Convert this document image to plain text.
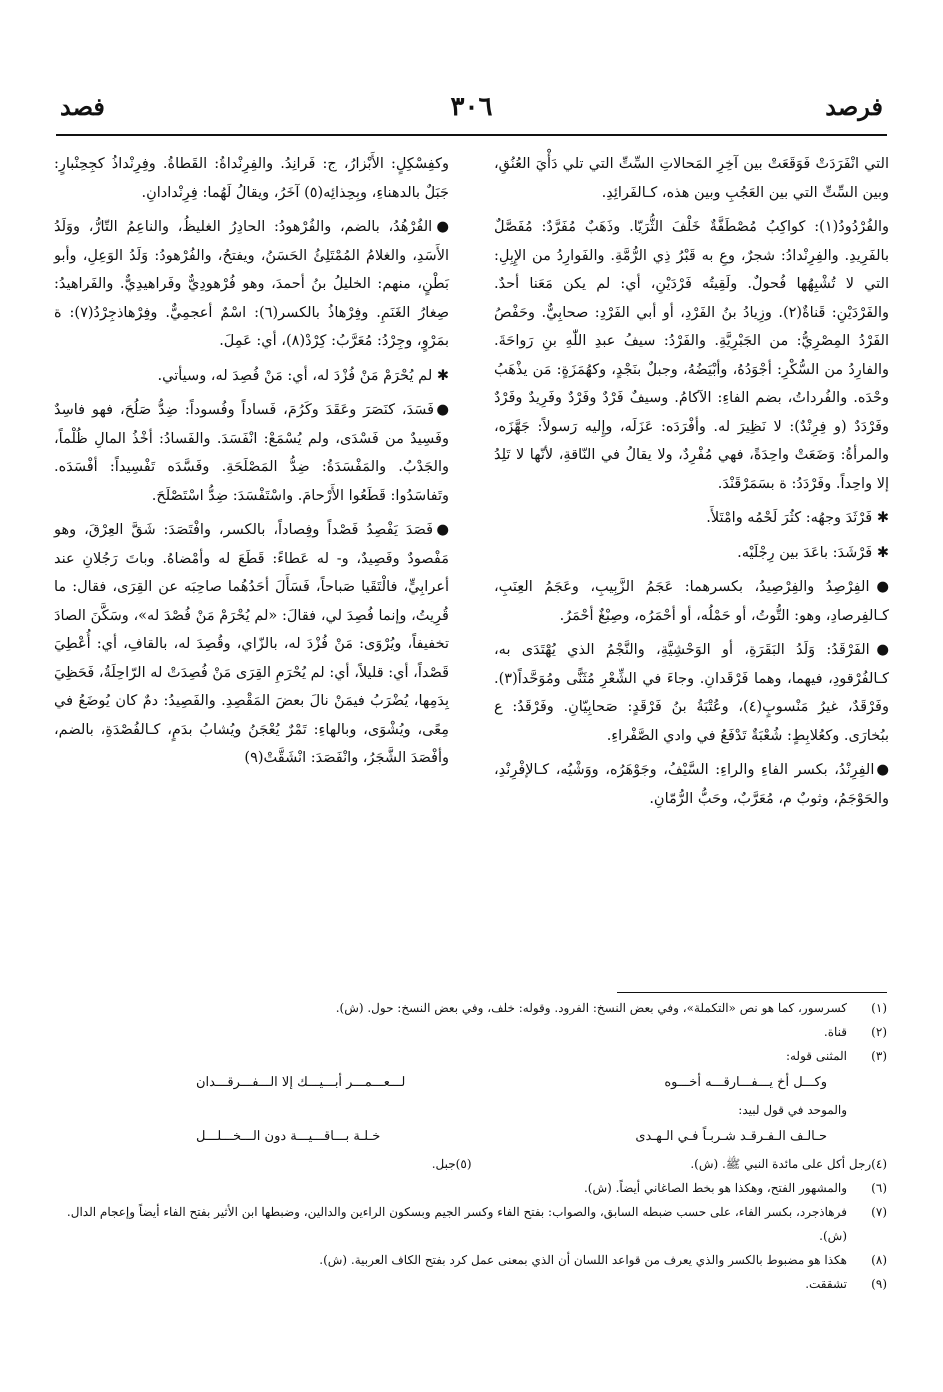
فرصد
٣٠٦
فصد

التي انْفَرَدَتْ فَوَقَعَتْ بين آخِرِ المَحالاتِ السِّتِّ التي تلي دَأْيَ العُنُقِ، وبين السِّتِّ التي بين العَجُبِ وبين هذه، كـالفَرائِدِ.

والفُرْدُودُ(١): كواكِبُ مُصْطَفَّةٌ خَلْفَ الثُّرَيّا. وذَهَبٌ مُفَرَّدٌ: مُفَصَّلٌ بالفَرِيدِ. والفِرِنْدادُ: شجرٌ، وعِ به قَبْرُ ذِي الرُّمَّةِ. والفَوارِدُ من الإِبِلِ: التي لا تُشْبِهُها فُحولٌ. ولَقِيتُه فَرْدَيْنِ، أي: لم يكن مَعَنا أحدٌ. والفَرْدَيْنِ: قَناةٌ(٢). وزِيادُ بنُ الفَرْدِ، أو أبي الفَرْدِ: صحابِيٌّ. وحَفْصُ الفَرْدُ المِصْرِيُّ: من الجَبْرِيَّةِ. والفَرْدُ: سيفُ عبدِ اللّٰهِ بنِ رَواحَةَ. والفارِدُ من السُّكْرِ: أجْوَدُهُ، وأبْيَضُهُ، وجبلٌ بنَجْدٍ، وكهُمَزَةٍ: مَن يذْهَبُ وحْدَه. والفُرداتُ، بضم الفاءِ: الآكامُ. وسيفٌ فَرْدٌ وفَرْدٌ وفَرِيدٌ وفَرْدٌ وفَرْدَدٌ (و فِرِنْدٌ): لا نَظِيرَ له. وأفْرَدَه: عَزَلَه، وإِليه رَسولاً: جَهَّزَه، والمرأةُ: وَضَعَتْ واحِدَةً، فهي مُفْرِدٌ، ولا يقالُ في النّاقةِ، لأنّها لا تَلِدُ إلا واحِداً. وفَرْدَدُ: ة بسَمَرْقَنْدَ.

✱ فَرْثَدَ وجهُه: كثُرَ لَحْمُه وامْتَلأَ.

✱ فَرْشَدَ: باعَدَ بين رِجْلَيْه.

●الفِرْصِدُ والفِرْصِيدُ، بكسرهما: عَجَمُ الزَّبِيبِ، وعَجَمُ العِنَبِ، كـالفِرصادِ، وهو: التُّوتُ، أو حَمْلُه، أو أحْمَرُه، وصِبْغٌ أحْمَرُ.

●الفَرْقَدُ: وَلَدُ البَقَرَةِ، أو الوَحْشِيَّةِ، والنَّجْمُ الذي يُهْتَدَى به، كـالفُرْقودِ، فيهما، وهما فَرْقَدانِ. وجاءَ في الشِّعْرِ مُثَنًّى ومُوَحَّداً(٣). وفَرْقَدٌ، غيرُ مَنْسوبٍ(٤)، وعُتْبَةُ بنُ فَرْقَدٍ: صَحابِيّانِ. وفَرْقَدُ: ع ببُخارَى. وكعُلابِطٍ: شُعْبَةٌ تَدْفَعُ في وادي الصَّفْراءِ.

●الفِرِنْدُ، بكسر الفاءِ والراءِ: السَّيْفُ، وجَوْهَرُه، ووَشْيُه، كـالإفْرِنْدِ، والحَوْجَمُ، وثوبٌ م، مُعَرَّبٌ، وحَبُّ الرُّمّانِ.

وكفِسْكِلٍ: الأَبْزارُ، ج: فَرانِدُ. والفِرِنْداةُ: القَطاةُ. وفِرِنْداذُ كجِحِنْبارٍ: جَبَلٌ بالدهناءِ، وبِحِذائِه(٥) آخَرُ، ويقالُ لَهُما: فِرِنْدادانِ.

●الفُرْهُدُ، بالضم، والفُرْهودُ: الحادِرُ الغليظُ، والناعِمُ التّارُّ، ووَلَدُ الأَسَدِ، والغلامُ المُمْتَلِئُ الحَسَنُ، ويفتحُ، والفُرْهودُ: وَلَدُ الوَعِلِ، وأبو بَطْنٍ، منهم: الخليلُ بنُ أحمدَ، وهو فُرْهودِيٌّ وفَراهيدِيٌّ. والفَراهيدُ: صِغارُ الغَنَمِ. وفِرْهاذُ بالكسر(٦): اسْمٌ أعجمِيٌّ. وفِرْهاذجِرْدُ(٧): ة بمَرْوٍ، وجِرْدُ: مُعَرَّبُ: كِرْدْ(٨)، أي: عَمِلَ.

✱ لم يُحْرَمْ مَنْ فُزْدَ له، أي: مَنْ فُصِدَ له، وسيأتي.

●فَسَدَ، كنَصَرَ وعَقَدَ وكَرُمَ، فَساداً وفُسوداً: ضِدُّ صَلُحَ، فهو فاسِدٌ وفَسِيدٌ من فَسْدَى، ولم يُسْمَعْ: انْفَسَدَ. والفَسادُ: أخْذُ المالِ ظُلْماً، والجَدْبُ. والمَفْسَدَةُ: ضِدُّ المَصْلَحَةِ. وفَسَّدَه تَفْسِيداً: أفْسَدَه. وتَفاسَدُوا: قَطَعُوا الأَرْحامَ. واسْتَفْسَدَ: ضِدُّ اسْتَصْلَحَ.

●فَصَدَ يَفْصِدُ فَصْداً وفِصاداً، بالكسر، وافْتَصَدَ: شَقَّ العِرْقَ، وهو مَفْصودٌ وفَصِيدٌ، و- له عَطاءً: قَطَعَ له وأمْضاهُ. وباتَ رَجُلانِ عند أعرابِيٍّ، فالْتَقَيا صَباحاً، فَسَأَلَ أحَدُهُما صاحِبَه عن القِرَى، فقال: ما قُرِيتُ، وإنما فُصِدَ لي، فقالَ: «لم يُحْرَمْ مَنْ فُصْدَ له»، وسَكَّنَ الصادَ تخفيفاً، ويُرْوَى: مَنْ فُزْدَ له، بالزّاي، وقُصِدَ له، بالقافِ، أي: أُعْطِيَ قَصْداً، أي: قليلاً، أي: لم يُحْرَمِ القِرَى مَنْ فُصِدَتْ له الرّاحِلَةُ، فَحَظِيَ بِدَمِها، يُضْرَبُ فيمَنْ نالَ بعضَ المَقْصِدِ. والفَصِيدُ: دمٌ كان يُوضَعُ في مِعًى، ويُشْوَى، وبالهاءِ: تَمْرٌ يُعْجَنُ ويُشابُ بدَمٍ، كـالفُصْدَةِ، بالضم، وأفْصَدَ الشَّجَرُ، وانْفَصَدَ: انْشَقَّتْ(٩)

(١)
كسرسور، كما هو نص «التكملة»، وفي بعض النسخ: الفرود. وقوله: خلف، وفي بعض النسخ: حول. (ش).
(٢)
قناة.
(٣)
المثنى قوله:
وكـــل أخ يـــفـــارقـــه أخـــوه
لـــعـــمـــر أبـــيـــك إلا الـــفـــرقـــدان
والموحد في قول لبيد:
حـالـف الـفـرقـد شـربـاً فـي الـهـدى
خـلـة بـــاقـــيـــة دون الـــخـــلـــل
(٤)
رجل أكل على مائدة النبي ﷺ. (ش).
(٥)
جبل.
(٦)
والمشهور الفتح، وهكذا هو بخط الصاغاني أيضاً. (ش).
(٧)
فرهاذجرد، بكسر الفاء، على حسب ضبطه السابق، والصواب: بفتح الفاء وكسر الجيم وبسكون الراءين والدالين، وضبطها ابن الأثير بفتح الفاء أيضاً وإعجام الدال. (ش).
(٨)
هكذا هو مضبوط بالكسر والذي يعرف من قواعد اللسان أن الذي بمعنى عمل كرد بفتح الكاف العربية. (ش).
(٩)
تشققت.
